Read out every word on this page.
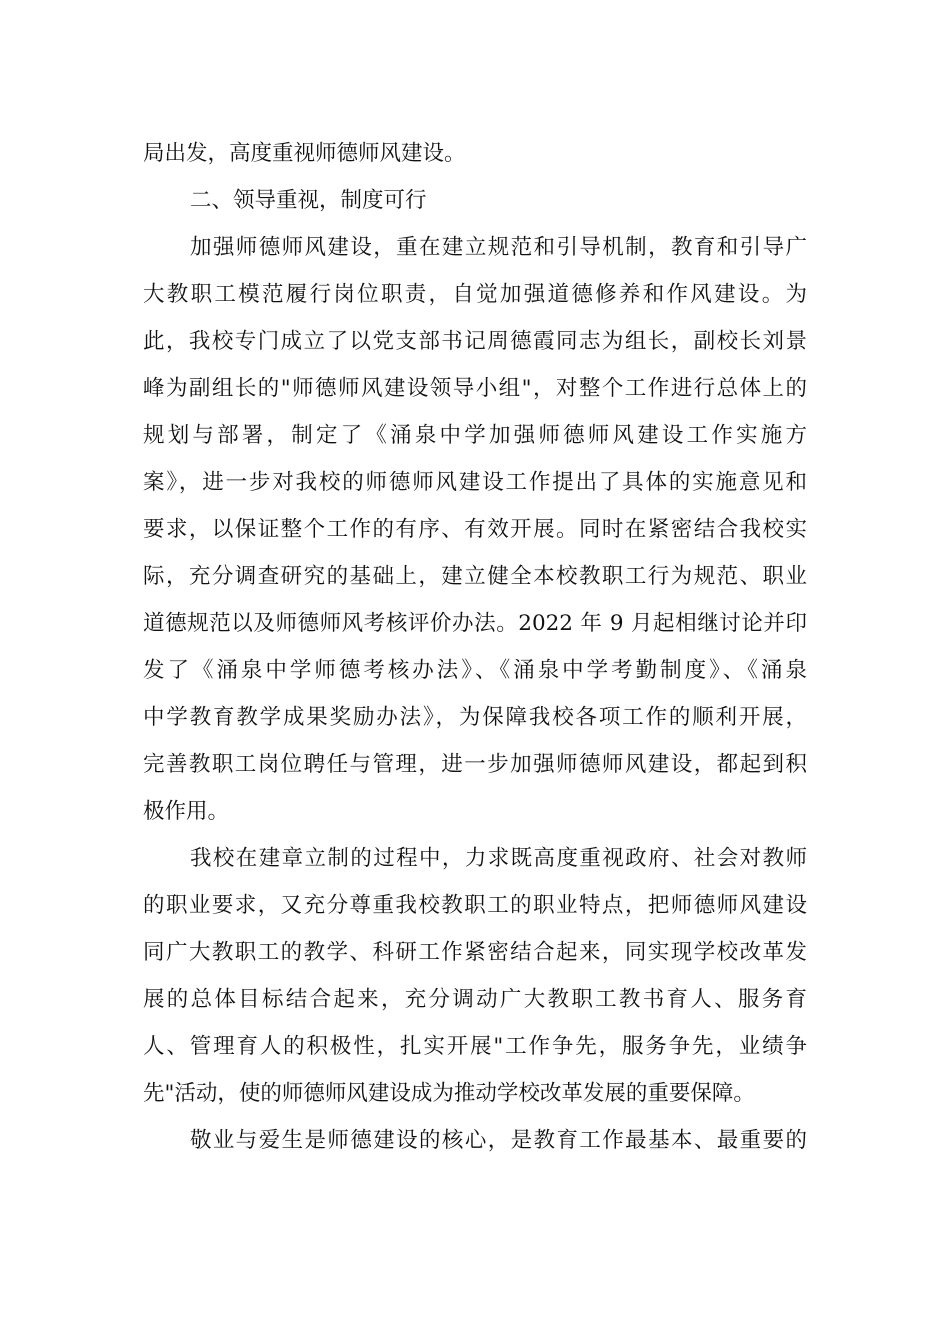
局出发，高度重视师德师风建设。
二、领导重视，制度可行
加强师德师风建设，重在建立规范和引导机制，教育和引导广
大教职工模范履行岗位职责，自觉加强道德修养和作风建设。为
此，我校专门成立了以党支部书记周德霞同志为组长，副校长刘景
峰为副组长的"师德师风建设领导小组"，对整个工作进行总体上的
规划与部署，制定了《涌泉中学加强师德师风建设工作实施方
案》，进一步对我校的师德师风建设工作提出了具体的实施意见和
要求，以保证整个工作的有序、有效开展。同时在紧密结合我校实
际，充分调查研究的基础上，建立健全本校教职工行为规范、职业
道德规范以及师德师风考核评价办法。2022 年 9 月起相继讨论并印
发了《涌泉中学师德考核办法》、《涌泉中学考勤制度》、《涌泉
中学教育教学成果奖励办法》，为保障我校各项工作的顺利开展，
完善教职工岗位聘任与管理，进一步加强师德师风建设，都起到积
极作用。
我校在建章立制的过程中，力求既高度重视政府、社会对教师
的职业要求，又充分尊重我校教职工的职业特点，把师德师风建设
同广大教职工的教学、科研工作紧密结合起来，同实现学校改革发
展的总体目标结合起来，充分调动广大教职工教书育人、服务育
人、管理育人的积极性，扎实开展"工作争先，服务争先，业绩争
先"活动，使的师德师风建设成为推动学校改革发展的重要保障。
敬业与爱生是师德建设的核心，是教育工作最基本、最重要的
